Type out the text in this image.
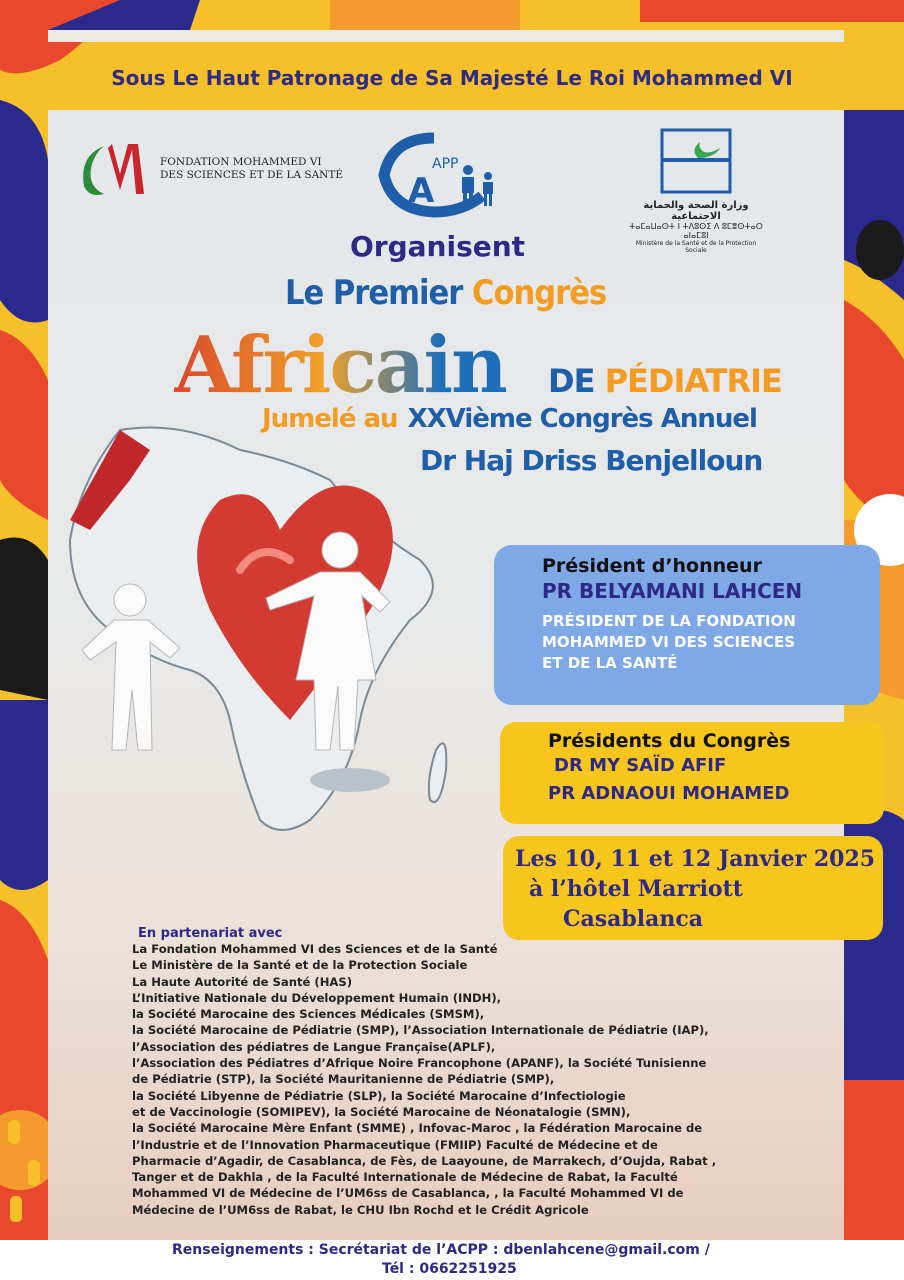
Sous Le Haut Patronage de Sa Majesté Le Roi Mohammed VI
FONDATION MOHAMMED VI
DES SCIENCES ET DE LA SANTÉ
APP
A	وزارة الصحة والحماية الاجتماعية
ⵜⴰⵎⴰⵡⴰⵙⵜ ⵏ ⵜⴷⵓⵙⵉ ⴷ ⵓⵎⴻⵙⵜⴰⵔ ⴰⵏⴰⵎⵓⵏ
Ministère de la Santé et de la Protection Sociale
Organisent
Le Premier Congrès
Africain DE PÉDIATRIE
Jumelé au XXVième Congrès Annuel
Dr Haj Driss Benjelloun
Président d’honneur
PR BELYAMANI LAHCEN
PRÉSIDENT DE LA FONDATION
MOHAMMED VI DES SCIENCES
ET DE LA SANTÉ
Présidents du Congrès
DR MY SAÏD AFIF
PR ADNAOUI MOHAMED
Les 10, 11 et 12 Janvier 2025
à l’hôtel Marriott
Casablanca
En partenariat avec
La Fondation Mohammed VI des Sciences et de la Santé
Le Ministère de la Santé et de la Protection Sociale
La Haute Autorité de Santé (HAS)
L’Initiative Nationale du Développement Humain (INDH),
la Société Marocaine des Sciences Médicales (SMSM),
la Société Marocaine de Pédiatrie (SMP), l’Association Internationale de Pédiatrie (IAP),
l’Association des pédiatres de Langue Française(APLF),
l’Association des Pédiatres d’Afrique Noire Francophone (APANF), la Société Tunisienne
de Pédiatrie (STP), la Société Mauritanienne de Pédiatrie (SMP),
la Société Libyenne de Pédiatrie (SLP), la Société Marocaine d’Infectiologie
et de Vaccinologie (SOMIPEV), la Société Marocaine de Néonatalogie (SMN),
la Société Marocaine Mère Enfant (SMME) , Infovac-Maroc , la Fédération Marocaine de
l’Industrie et de l’Innovation Pharmaceutique (FMIIP) Faculté de Médecine et de
Pharmacie d’Agadir, de Casablanca, de Fès, de Laayoune, de Marrakech, d’Oujda, Rabat ,
Tanger et de Dakhla , de la Faculté Internationale de Médecine de Rabat, la Faculté
Mohammed VI de Médecine de l’UM6ss de Casablanca, , la Faculté Mohammed VI de
Médecine de l’UM6ss de Rabat, le CHU Ibn Rochd et le Crédit Agricole
Renseignements : Secrétariat de l’ACPP : dbenlahcene@gmail.com /
Tél : 0662251925
